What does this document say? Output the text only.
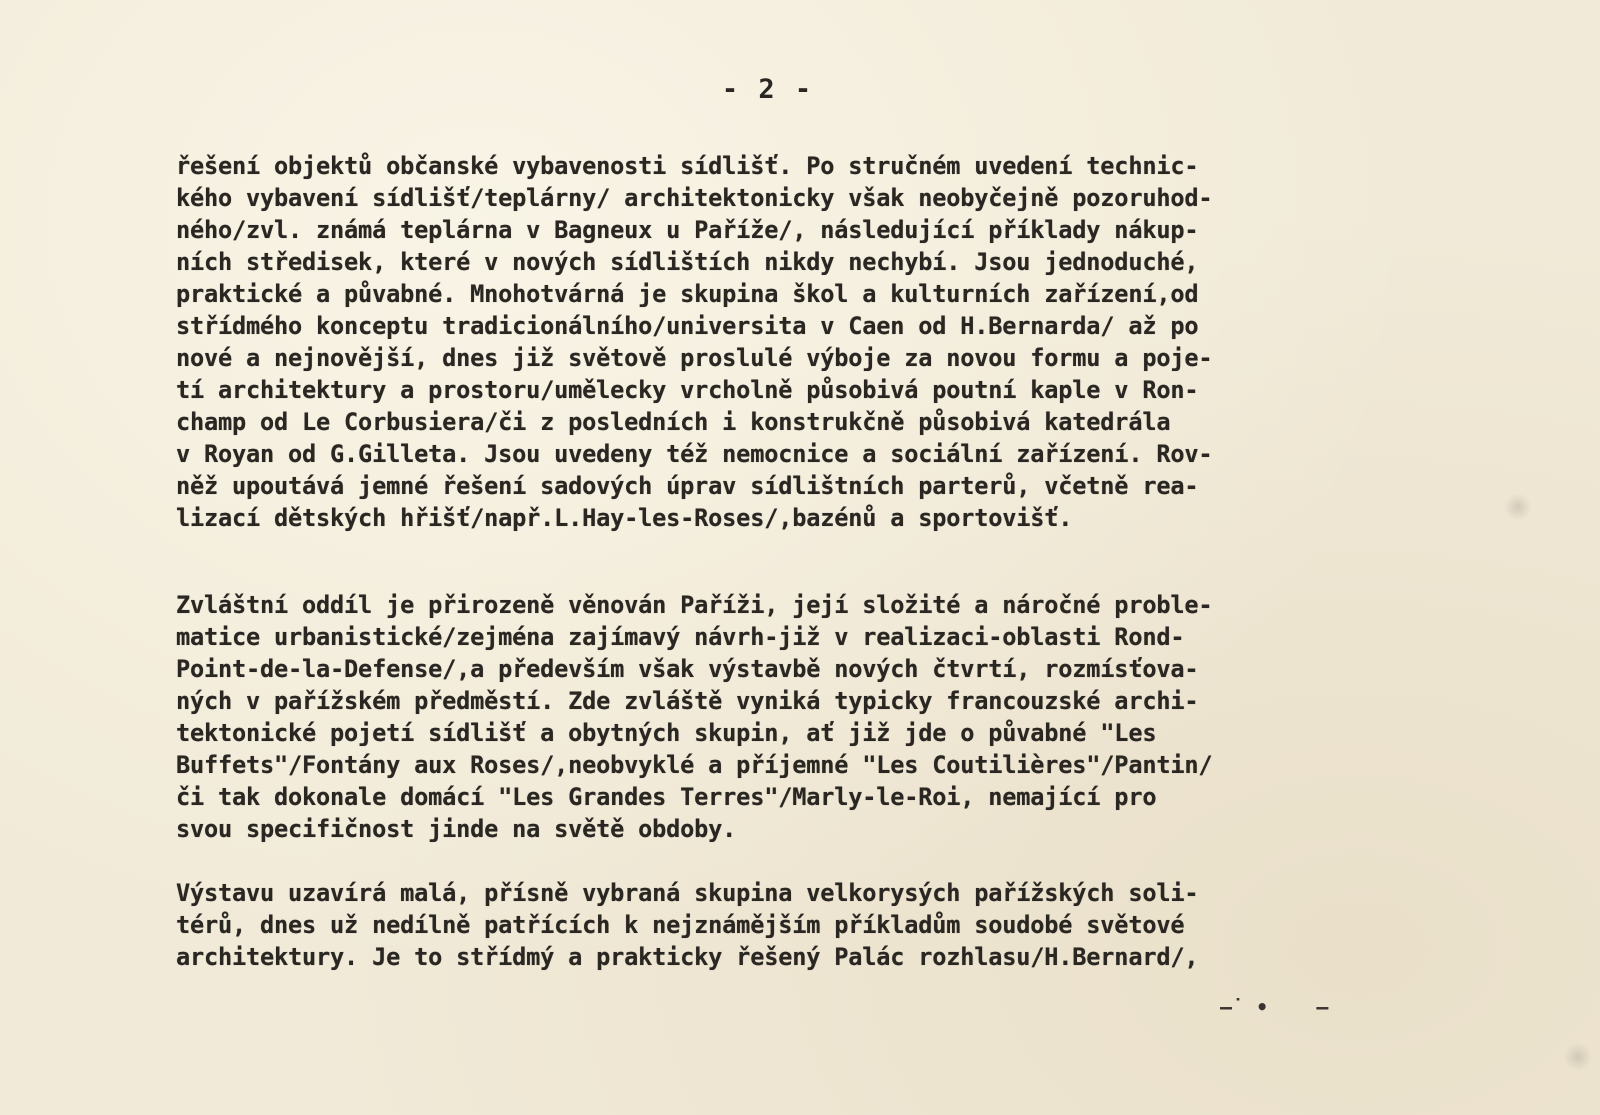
- 2 -
řešení objektů občanské vybavenosti sídlišť. Po stručném uvedení technic-
kého vybavení sídlišť/teplárny/ architektonicky však neobyčejně pozoruhod-
ného/zvl. známá teplárna v Bagneux u Paříže/, následující příklady nákup-
ních středisek, které v nových sídlištích nikdy nechybí. Jsou jednoduché,
praktické a půvabné. Mnohotvárná je skupina škol a kulturních zařízení,od
střídmého konceptu tradicionálního/universita v Caen od H.Bernarda/ až po
nové a nejnovější, dnes již světově proslulé výboje za novou formu a poje-
tí architektury a prostoru/umělecky vrcholně působivá poutní kaple v Ron-
champ od Le Corbusiera/či z posledních i konstrukčně působivá katedrála
v Royan od G.Gilleta. Jsou uvedeny též nemocnice a sociální zařízení. Rov-
něž upoutává jemné řešení sadových úprav sídlištních parterů, včetně rea-
lizací dětských hřišť/např.L.Hay-les-Roses/,bazénů a sportovišť.
Zvláštní oddíl je přirozeně věnován Paříži, její složité a náročné proble-
matice urbanistické/zejména zajímavý návrh-již v realizaci-oblasti Rond-
Point-de-la-Defense/,a především však výstavbě nových čtvrtí, rozmísťova-
ných v pařížském předměstí. Zde zvláště vyniká typicky francouzské archi-
tektonické pojetí sídlišť a obytných skupin, ať již jde o půvabné "Les
Buffets"/Fontány aux Roses/,neobvyklé a příjemné "Les Coutilières"/Pantin/
či tak dokonale domácí "Les Grandes Terres"/Marly-le-Roi, nemající pro
svou specifičnost jinde na světě obdoby.
Výstavu uzavírá malá, přísně vybraná skupina velkorysých pařížských soli-
térů, dnes už nedílně patřících k nejznámějším příkladům soudobé světové
architektury. Je to střídmý a prakticky řešený Palác rozhlasu/H.Bernard/,
–˙ •    –
